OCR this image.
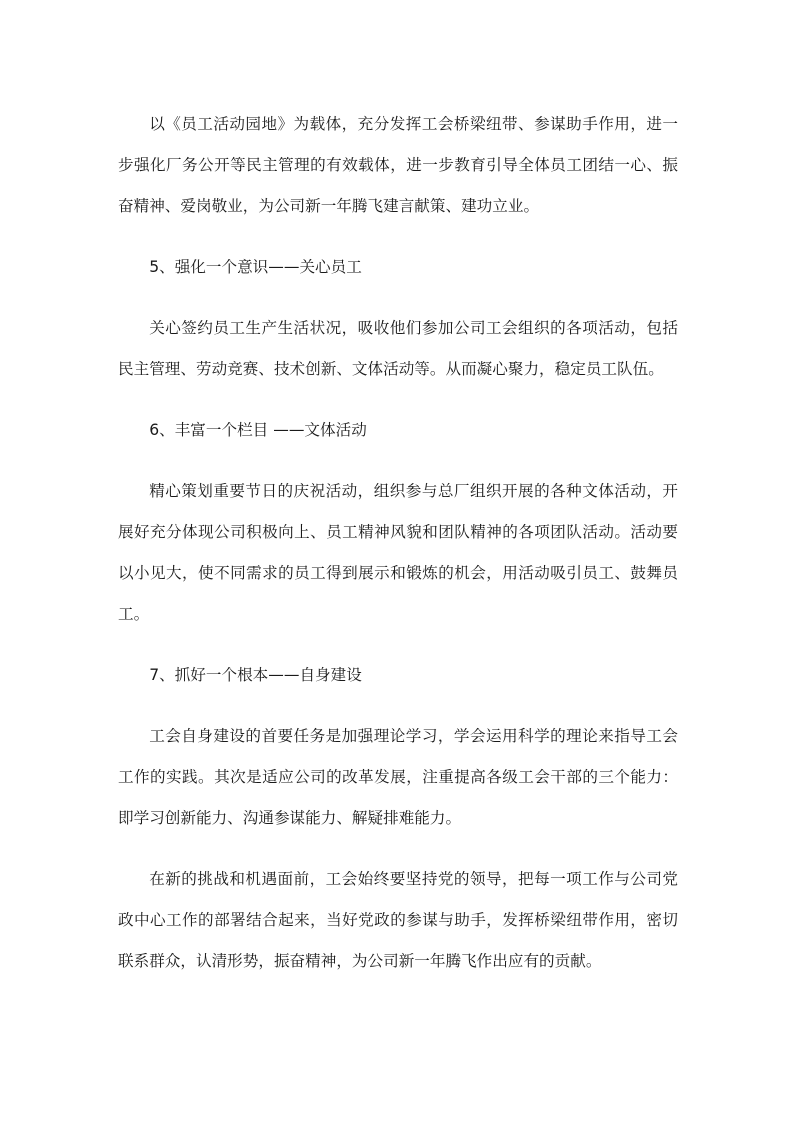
以《员工活动园地》为载体，充分发挥工会桥梁纽带、参谋助手作用，进一步强化厂务公开等民主管理的有效载体，进一步教育引导全体员工团结一心、振奋精神、爱岗敬业，为公司新一年腾飞建言献策、建功立业。

5、强化一个意识——关心员工

关心签约员工生产生活状况，吸收他们参加公司工会组织的各项活动，包括民主管理、劳动竞赛、技术创新、文体活动等。从而凝心聚力，稳定员工队伍。

6、丰富一个栏目 ——文体活动

精心策划重要节日的庆祝活动，组织参与总厂组织开展的各种文体活动，开展好充分体现公司积极向上、员工精神风貌和团队精神的各项团队活动。活动要以小见大，使不同需求的员工得到展示和锻炼的机会，用活动吸引员工、鼓舞员工。

7、抓好一个根本——自身建设

工会自身建设的首要任务是加强理论学习，学会运用科学的理论来指导工会工作的实践。其次是适应公司的改革发展，注重提高各级工会干部的三个能力：即学习创新能力、沟通参谋能力、解疑排难能力。

在新的挑战和机遇面前，工会始终要坚持党的领导，把每一项工作与公司党政中心工作的部署结合起来，当好党政的参谋与助手，发挥桥梁纽带作用，密切联系群众，认清形势，振奋精神，为公司新一年腾飞作出应有的贡献。
